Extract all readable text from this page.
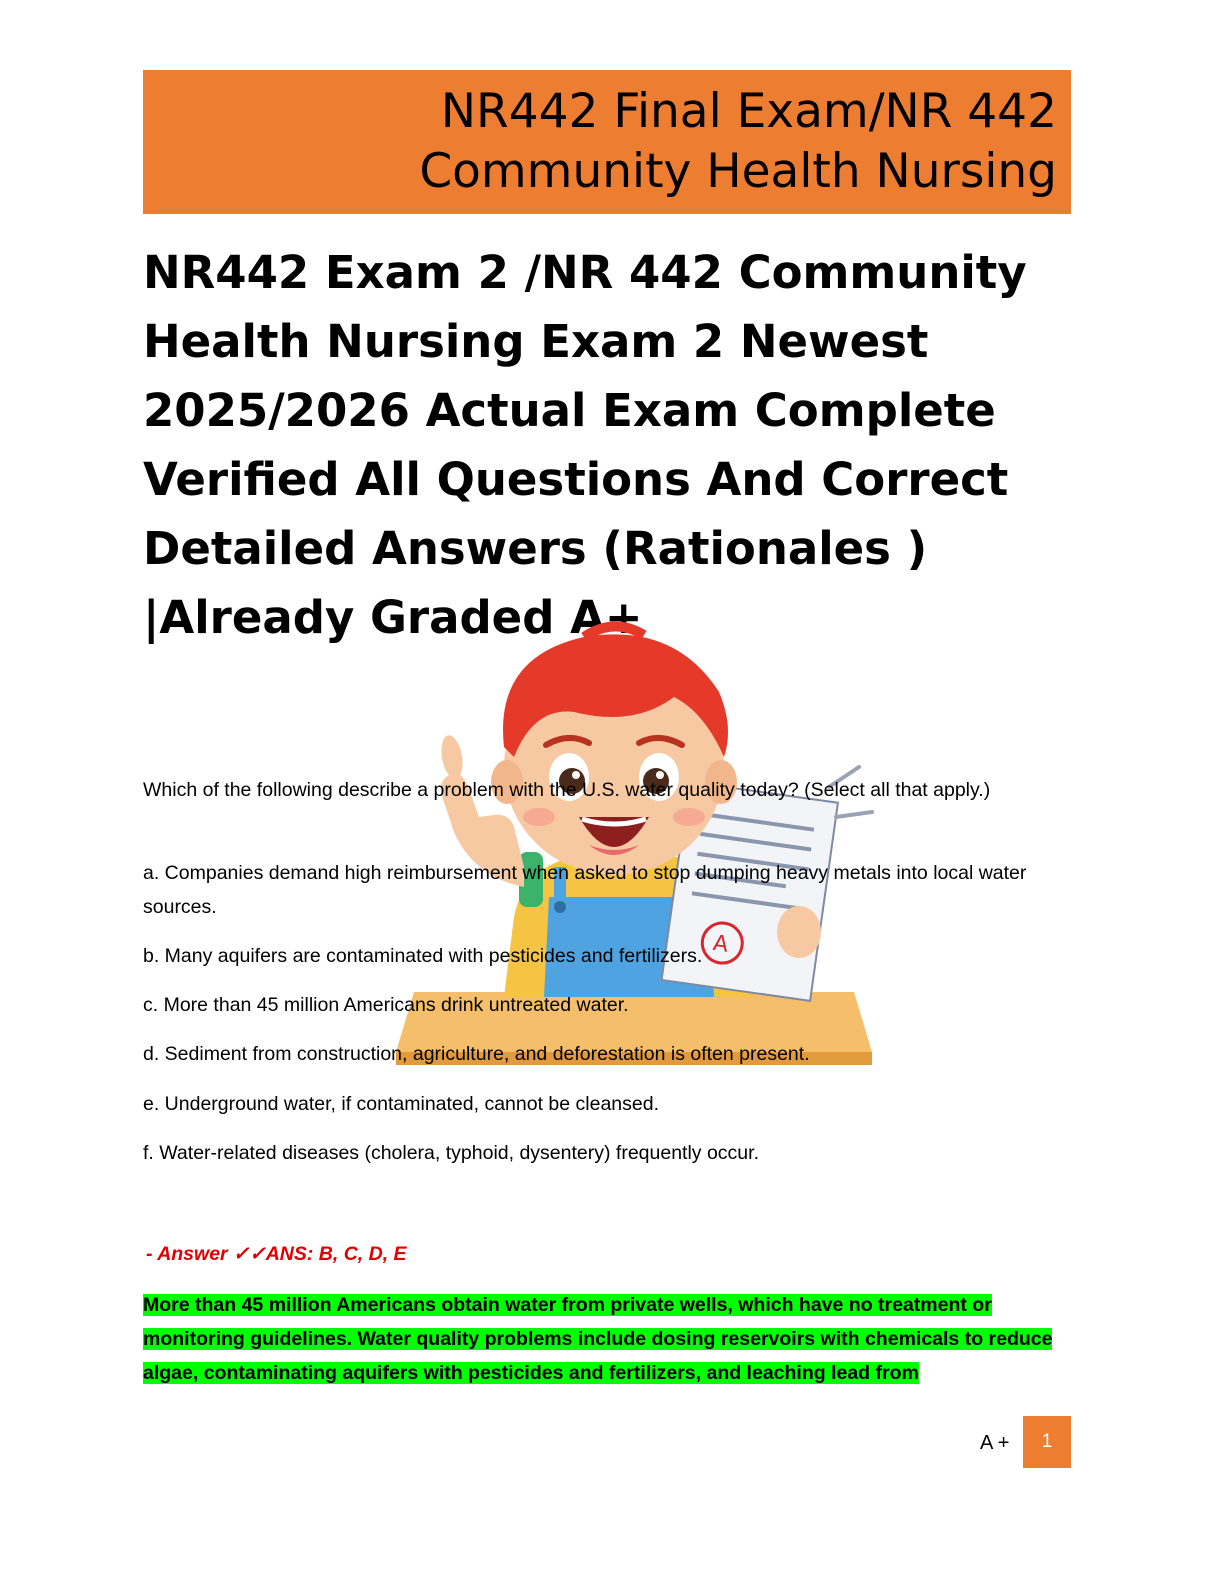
NR442 Final Exam/NR 442
Community Health Nursing
NR442 Exam 2 /NR 442 Community
Health Nursing Exam 2 Newest
2025/2026 Actual Exam Complete
Verified All Questions And Correct
Detailed Answers (Rationales )
|Already Graded A+
A
Which of the following describe a problem with the U.S. water quality today? (Select all that apply.)
a. Companies demand high reimbursement when asked to stop dumping heavy metals into local water sources.
b. Many aquifers are contaminated with pesticides and fertilizers.
c. More than 45 million Americans drink untreated water.
d. Sediment from construction, agriculture, and deforestation is often present.
e. Underground water, if contaminated, cannot be cleansed.
f. Water-related diseases (cholera, typhoid, dysentery) frequently occur.
- Answer ✓✓ANS: B, C, D, E
More than 45 million Americans obtain water from private wells, which have no treatment or monitoring guidelines. Water quality problems include dosing reservoirs with chemicals to reduce algae, contaminating aquifers with pesticides and fertilizers, and leaching lead from
A + 1
